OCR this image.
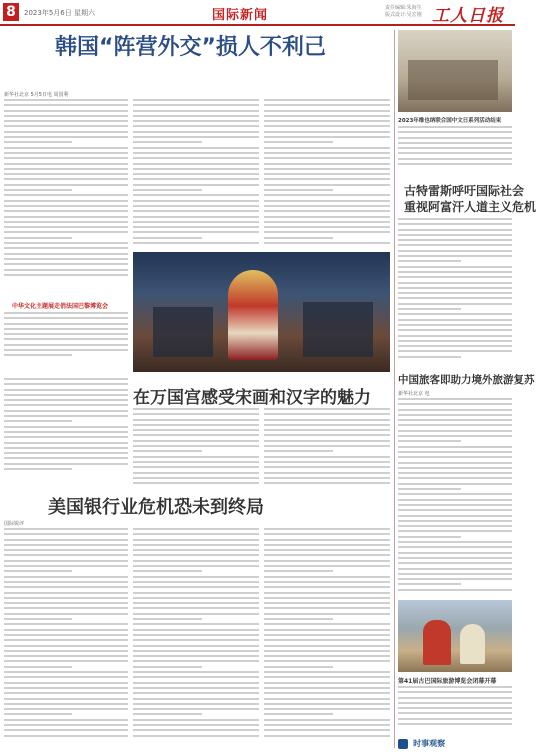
8	2023年5月6日 星期六	国际新闻	责任编辑:朱海生
版式设计:吴宏刚 工人日报
韩国“阵营外交”损人不利己
新华社北京 5月5日电 周国利
中华文化主题展走俏法国巴黎博览会
在万国宫感受宋画和汉字的魅力
美国银行业危机恐未到终局
国际锐评
2023年维也纳联合国中文日系列活动结束
古特雷斯呼吁国际社会
重视阿富汗人道主义危机
中国旅客即助力境外旅游复苏
新华社北京 电
第41届古巴国际旅游博览会闭幕开幕
时事观察
